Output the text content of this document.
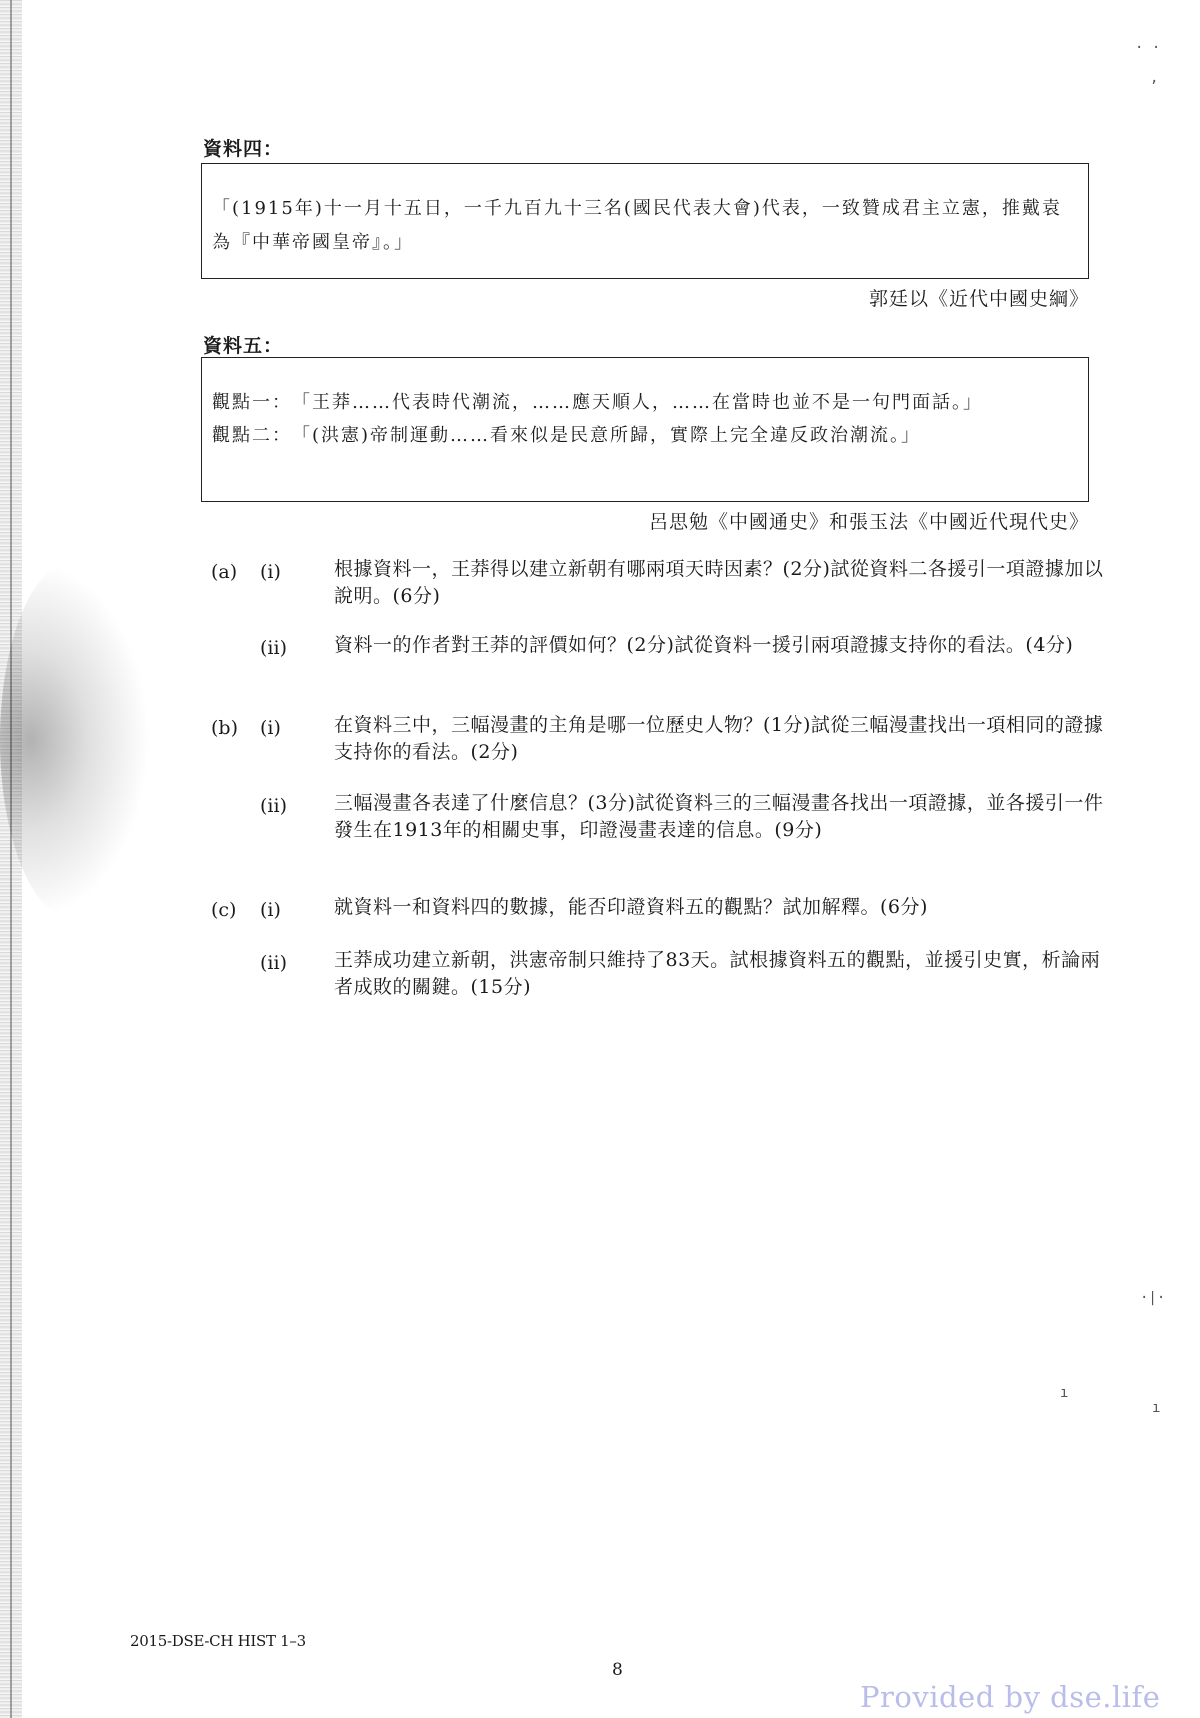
· ·
,
·|·
ı
ı
資料四：
「(1915年)十一月十五日，一千九百九十三名(國民代表大會)代表，一致贊成君主立憲，推戴袁為『中華帝國皇帝』。」
郭廷以《近代中國史綱》
資料五：
觀點一： 「王莽……代表時代潮流，……應天順人，……在當時也並不是一句門面話。」
觀點二： 「(洪憲)帝制運動……看來似是民意所歸，實際上完全違反政治潮流。」
呂思勉《中國通史》和張玉法《中國近代現代史》
(a)	(i)	根據資料一，王莽得以建立新朝有哪兩項天時因素？(2分)試從資料二各援引一項證據加以說明。(6分)
(ii)	資料一的作者對王莽的評價如何？(2分)試從資料一援引兩項證據支持你的看法。(4分)
(b)	(i)	在資料三中，三幅漫畫的主角是哪一位歷史人物？(1分)試從三幅漫畫找出一項相同的證據支持你的看法。(2分)
(ii)	三幅漫畫各表達了什麼信息？(3分)試從資料三的三幅漫畫各找出一項證據，並各援引一件發生在1913年的相關史事，印證漫畫表達的信息。(9分)
(c)	(i)	就資料一和資料四的數據，能否印證資料五的觀點？試加解釋。(6分)
(ii)	王莽成功建立新朝，洪憲帝制只維持了83天。試根據資料五的觀點，並援引史實，析論兩者成敗的關鍵。(15分)
2015-DSE-CH HIST 1–3
8
Provided by dse.life
